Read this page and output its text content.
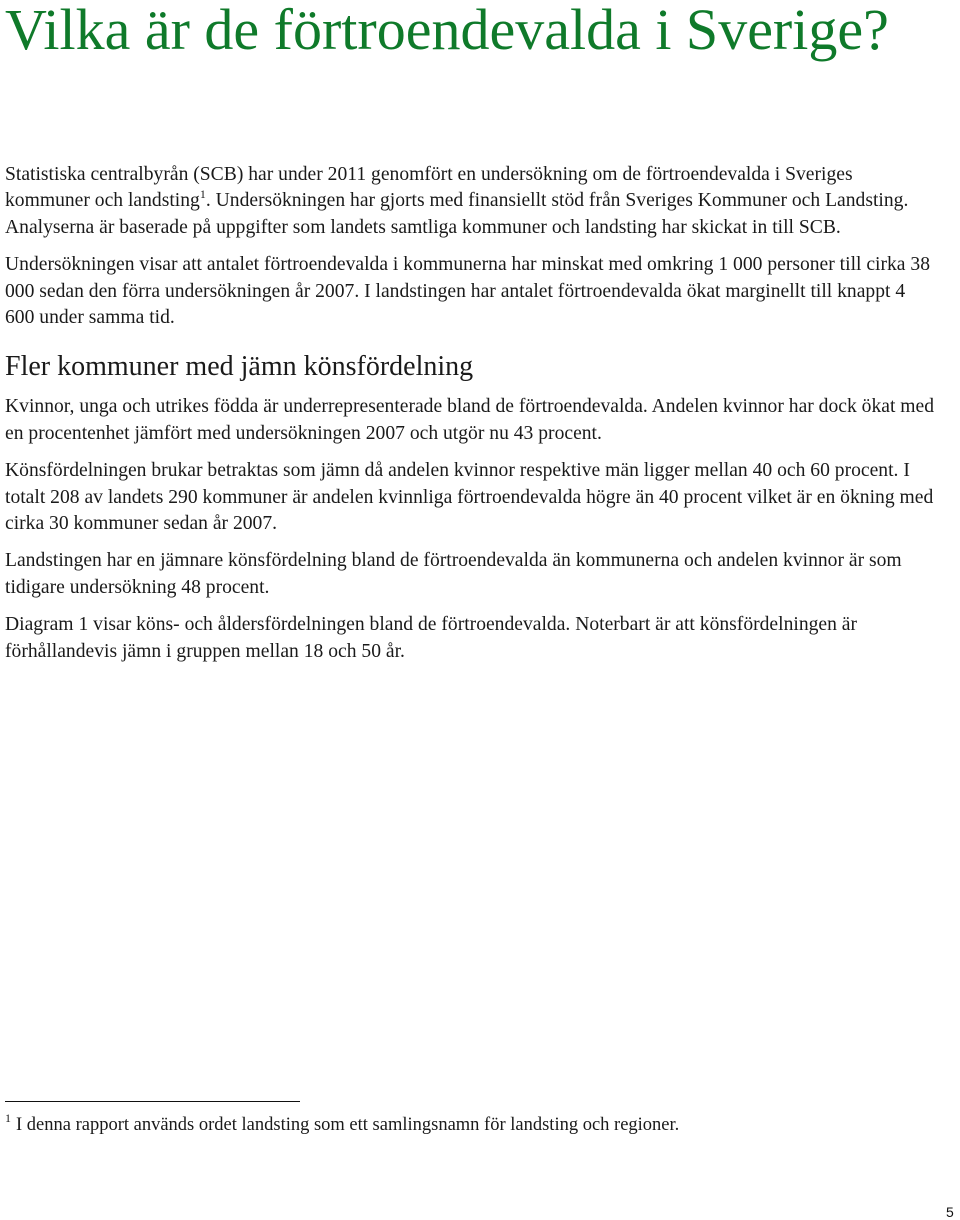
Vilka är de förtroendevalda i Sverige?

Statistiska centralbyrån (SCB) har under 2011 genomfört en undersökning om de förtroendevalda i Sveriges kommuner och landsting$^1$. Undersökningen har gjorts med finansiellt stöd från Sveriges Kommuner och Landsting. Analyserna är baserade på uppgifter som landets samtliga kommuner och landsting har skickat in till SCB.

Undersökningen visar att antalet förtroendevalda i kommunerna har minskat med omkring 1 000 personer till cirka 38 000 sedan den förra undersökningen år 2007. I landstingen har antalet förtroendevalda ökat marginellt till knappt 4 600 under samma tid.

Fler kommuner med jämn könsfördelning

Kvinnor, unga och utrikes födda är underrepresenterade bland de förtroendevalda. Andelen kvinnor har dock ökat med en procentenhet jämfört med undersökningen 2007 och utgör nu 43 procent.

Könsfördelningen brukar betraktas som jämn då andelen kvinnor respektive män ligger mellan 40 och 60 procent. I totalt 208 av landets 290 kommuner är andelen kvinnliga förtroendevalda högre än 40 procent vilket är en ökning med cirka 30 kommuner sedan år 2007.

Landstingen har en jämnare könsfördelning bland de förtroendevalda än kommunerna och andelen kvinnor är som tidigare undersökning 48 procent.

Diagram 1 visar köns- och åldersfördelningen bland de förtroendevalda. Noterbart är att könsfördelningen är förhållandevis jämn i gruppen mellan 18 och 50 år.

$^1$ I denna rapport används ordet landsting som ett samlingsnamn för landsting och regioner.
5
